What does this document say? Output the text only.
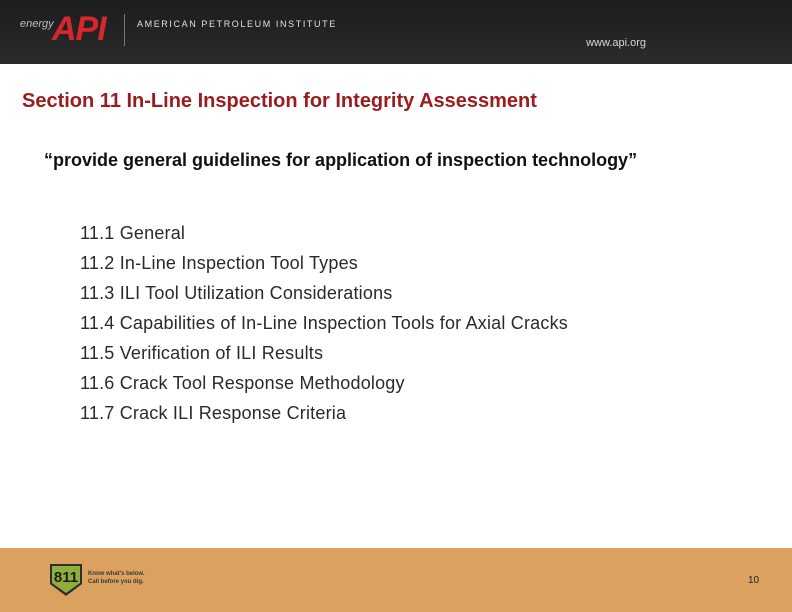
energy
API	AMERICAN PETROLEUM INSTITUTE
www.api.org
Section 11 In-Line Inspection for Integrity Assessment
“provide general guidelines for application of inspection technology”
11.1 General
11.2 In-Line Inspection Tool Types
11.3 ILI Tool Utilization Considerations
11.4 Capabilities of In-Line Inspection Tools for Axial Cracks
11.5 Verification of ILI Results
11.6 Crack Tool Response Methodology
11.7 Crack ILI Response Criteria
811 Know what's below.
Call before you dig.	10
